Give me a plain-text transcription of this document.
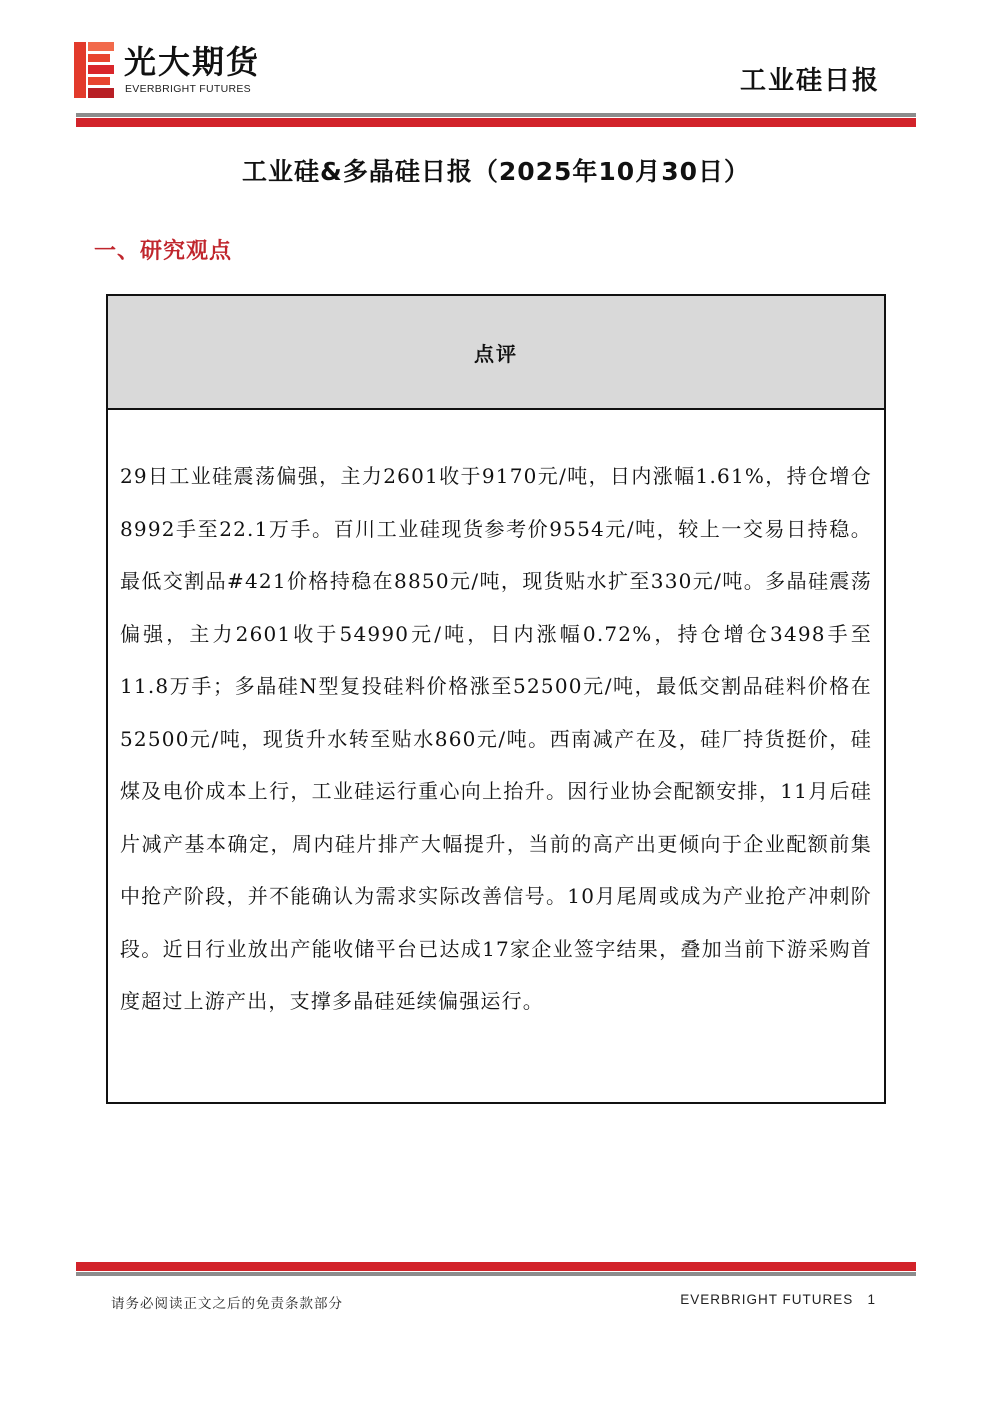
光大期货
EVERBRIGHT FUTURES	工业硅日报
工业硅&多晶硅日报（2025年10月30日）
一、研究观点
点评
29日工业硅震荡偏强，主力2601收于9170元/吨，日内涨幅1.61%，持仓增仓8992手至22.1万手。百川工业硅现货参考价9554元/吨，较上一交易日持稳。最低交割品#421价格持稳在8850元/吨，现货贴水扩至330元/吨。多晶硅震荡偏强，主力2601收于54990元/吨，日内涨幅0.72%，持仓增仓3498手至11.8万手；多晶硅N型复投硅料价格涨至52500元/吨，最低交割品硅料价格在52500元/吨，现货升水转至贴水860元/吨。西南减产在及，硅厂持货挺价，硅煤及电价成本上行，工业硅运行重心向上抬升。因行业协会配额安排，11月后硅片减产基本确定，周内硅片排产大幅提升，当前的高产出更倾向于企业配额前集中抢产阶段，并不能确认为需求实际改善信号。10月尾周或成为产业抢产冲刺阶段。近日行业放出产能收储平台已达成17家企业签字结果，叠加当前下游采购首度超过上游产出，支撑多晶硅延续偏强运行。
请务必阅读正文之后的免责条款部分	EVERBRIGHT FUTURES 1
